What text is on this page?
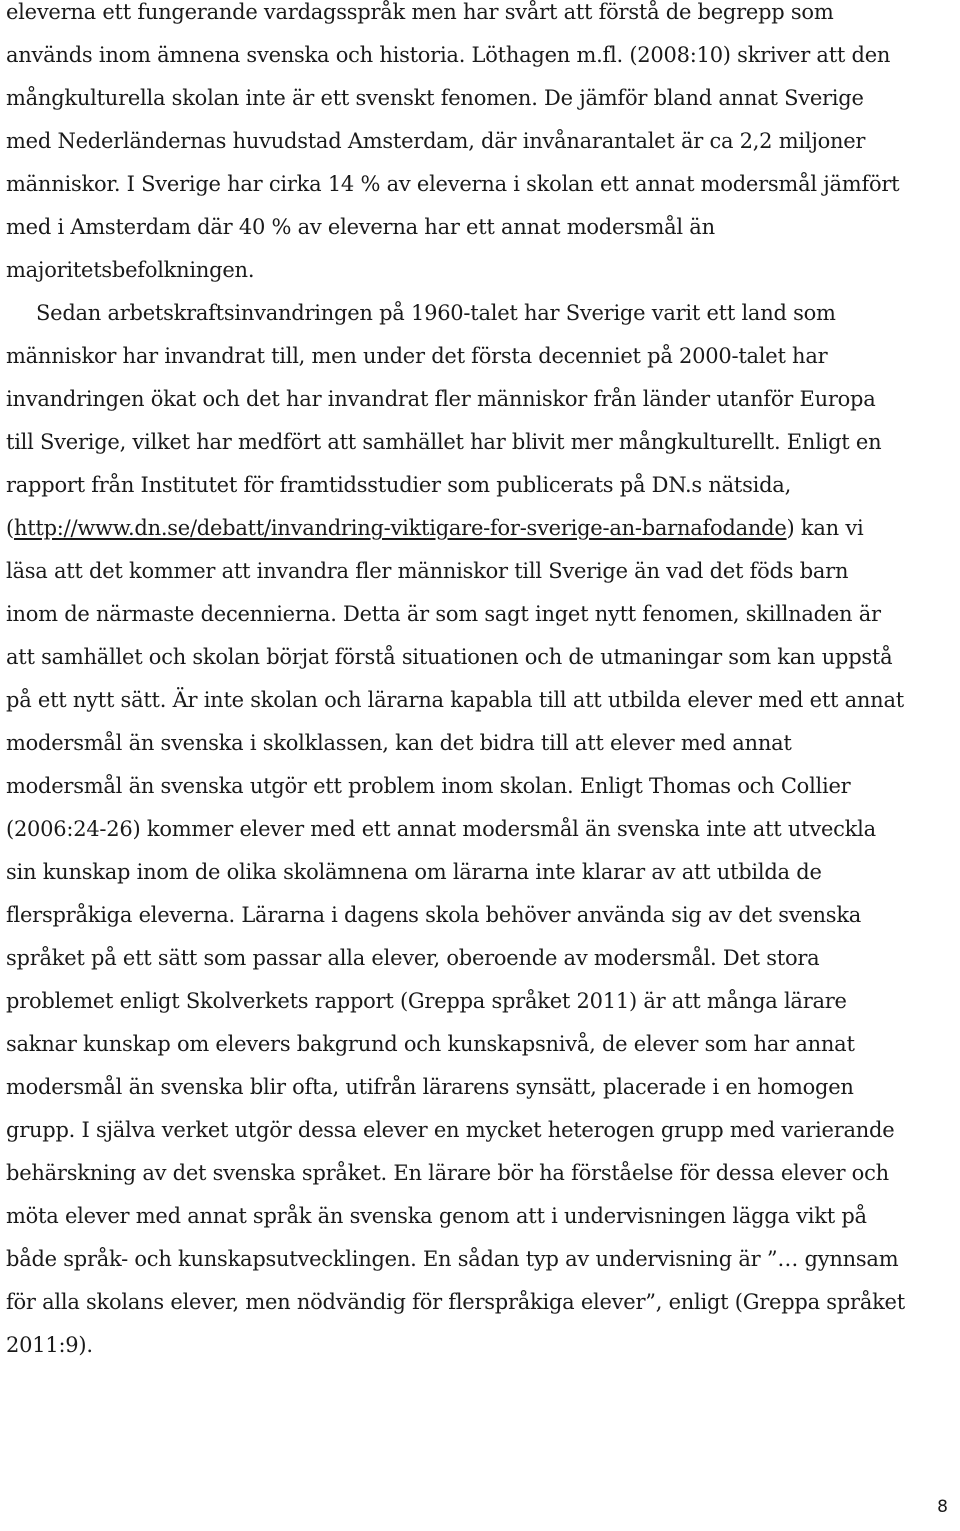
eleverna ett fungerande vardagsspråk men har svårt att förstå de begrepp som
används inom ämnena svenska och historia. Löthagen m.fl. (2008:10) skriver att den
mångkulturella skolan inte är ett svenskt fenomen. De jämför bland annat Sverige
med Nederländernas huvudstad Amsterdam, där invånarantalet är ca 2,2 miljoner
människor. I Sverige har cirka 14 % av eleverna i skolan ett annat modersmål jämfört
med i Amsterdam där 40 % av eleverna har ett annat modersmål än
majoritetsbefolkningen.
Sedan arbetskraftsinvandringen på 1960-talet har Sverige varit ett land som
människor har invandrat till, men under det första decenniet på 2000-talet har
invandringen ökat och det har invandrat fler människor från länder utanför Europa
till Sverige, vilket har medfört att samhället har blivit mer mångkulturellt. Enligt en
rapport från Institutet för framtidsstudier som publicerats på DN.s nätsida,
(http://www.dn.se/debatt/invandring-viktigare-for-sverige-an-barnafodande) kan vi
läsa att det kommer att invandra fler människor till Sverige än vad det föds barn
inom de närmaste decennierna. Detta är som sagt inget nytt fenomen, skillnaden är
att samhället och skolan börjat förstå situationen och de utmaningar som kan uppstå
på ett nytt sätt. Är inte skolan och lärarna kapabla till att utbilda elever med ett annat
modersmål än svenska i skolklassen, kan det bidra till att elever med annat
modersmål än svenska utgör ett problem inom skolan. Enligt Thomas och Collier
(2006:24-26) kommer elever med ett annat modersmål än svenska inte att utveckla
sin kunskap inom de olika skolämnena om lärarna inte klarar av att utbilda de
flerspråkiga eleverna. Lärarna i dagens skola behöver använda sig av det svenska
språket på ett sätt som passar alla elever, oberoende av modersmål. Det stora
problemet enligt Skolverkets rapport (Greppa språket 2011) är att många lärare
saknar kunskap om elevers bakgrund och kunskapsnivå, de elever som har annat
modersmål än svenska blir ofta, utifrån lärarens synsätt, placerade i en homogen
grupp. I själva verket utgör dessa elever en mycket heterogen grupp med varierande
behärskning av det svenska språket. En lärare bör ha förståelse för dessa elever och
möta elever med annat språk än svenska genom att i undervisningen lägga vikt på
både språk- och kunskapsutvecklingen. En sådan typ av undervisning är ”… gynnsam
för alla skolans elever, men nödvändig för flerspråkiga elever”, enligt (Greppa språket
2011:9).
8
